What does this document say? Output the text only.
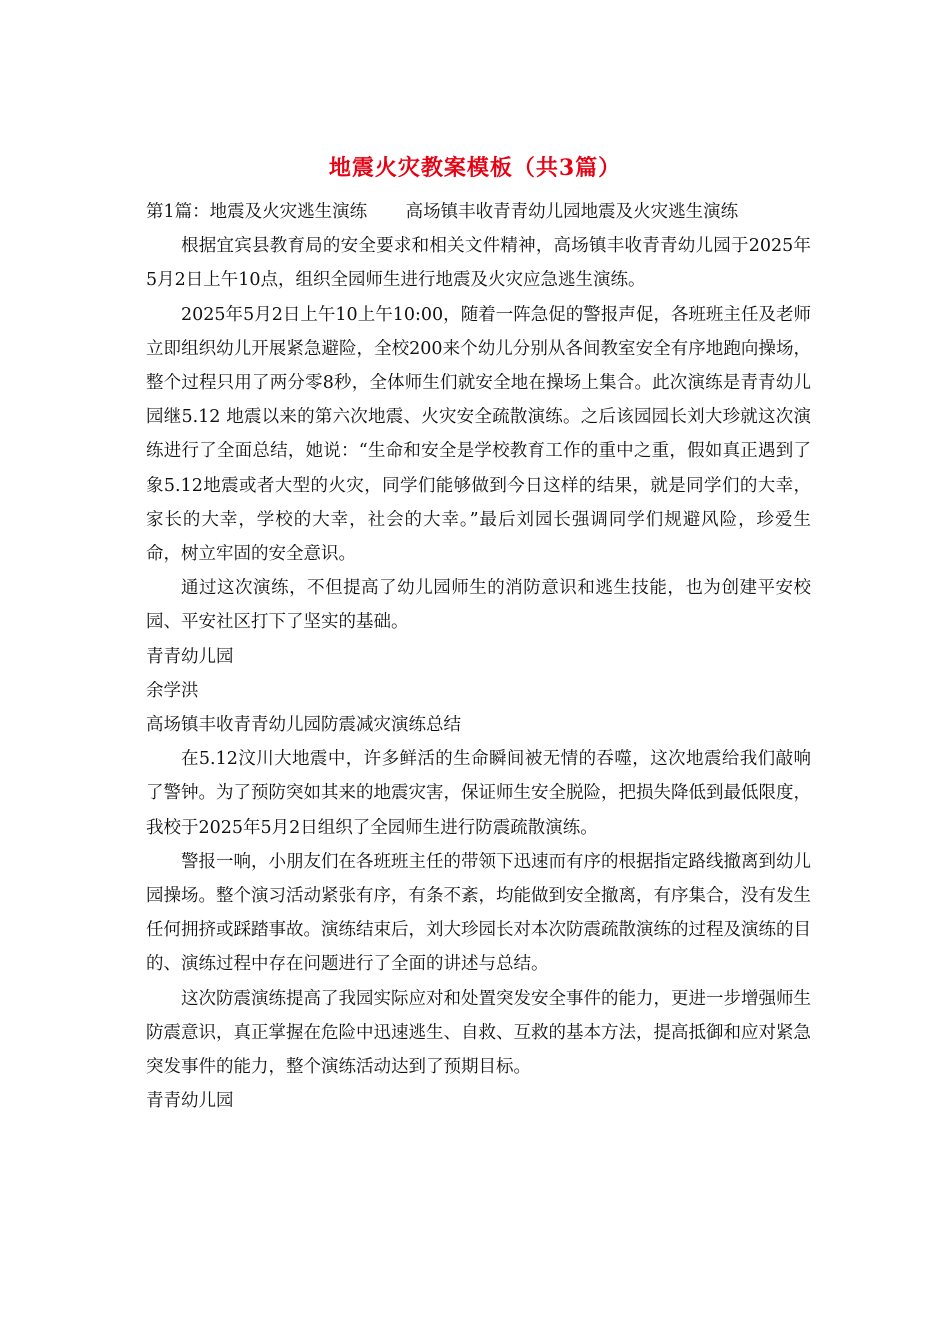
地震火灾教案模板（共3篇）

第1篇：地震及火灾逃生演练 高场镇丰收青青幼儿园地震及火灾逃生演练

根据宜宾县教育局的安全要求和相关文件精神，高场镇丰收青青幼儿园于2025年5月2日上午10点，组织全园师生进行地震及火灾应急逃生演练。

2025年5月2日上午10上午10:00，随着一阵急促的警报声促，各班班主任及老师立即组织幼儿开展紧急避险，全校200来个幼儿分别从各间教室安全有序地跑向操场，整个过程只用了两分零8秒，全体师生们就安全地在操场上集合。此次演练是青青幼儿园继5.12 地震以来的第六次地震、火灾安全疏散演练。之后该园园长刘大珍就这次演练进行了全面总结，她说：“生命和安全是学校教育工作的重中之重，假如真正遇到了象5.12地震或者大型的火灾，同学们能够做到今日这样的结果，就是同学们的大幸，家长的大幸，学校的大幸，社会的大幸。”最后刘园长强调同学们规避风险，珍爱生命，树立牢固的安全意识。

通过这次演练，不但提高了幼儿园师生的消防意识和逃生技能，也为创建平安校园、平安社区打下了坚实的基础。

青青幼儿园

余学洪

高场镇丰收青青幼儿园防震减灾演练总结

在5.12汶川大地震中，许多鲜活的生命瞬间被无情的吞噬，这次地震给我们敲响了警钟。为了预防突如其来的地震灾害，保证师生安全脱险，把损失降低到最低限度，我校于2025年5月2日组织了全园师生进行防震疏散演练。

警报一响，小朋友们在各班班主任的带领下迅速而有序的根据指定路线撤离到幼儿园操场。整个演习活动紧张有序，有条不紊，均能做到安全撤离，有序集合，没有发生任何拥挤或踩踏事故。演练结束后，刘大珍园长对本次防震疏散演练的过程及演练的目的、演练过程中存在问题进行了全面的讲述与总结。

这次防震演练提高了我园实际应对和处置突发安全事件的能力，更进一步增强师生防震意识，真正掌握在危险中迅速逃生、自救、互救的基本方法，提高抵御和应对紧急突发事件的能力，整个演练活动达到了预期目标。

青青幼儿园
